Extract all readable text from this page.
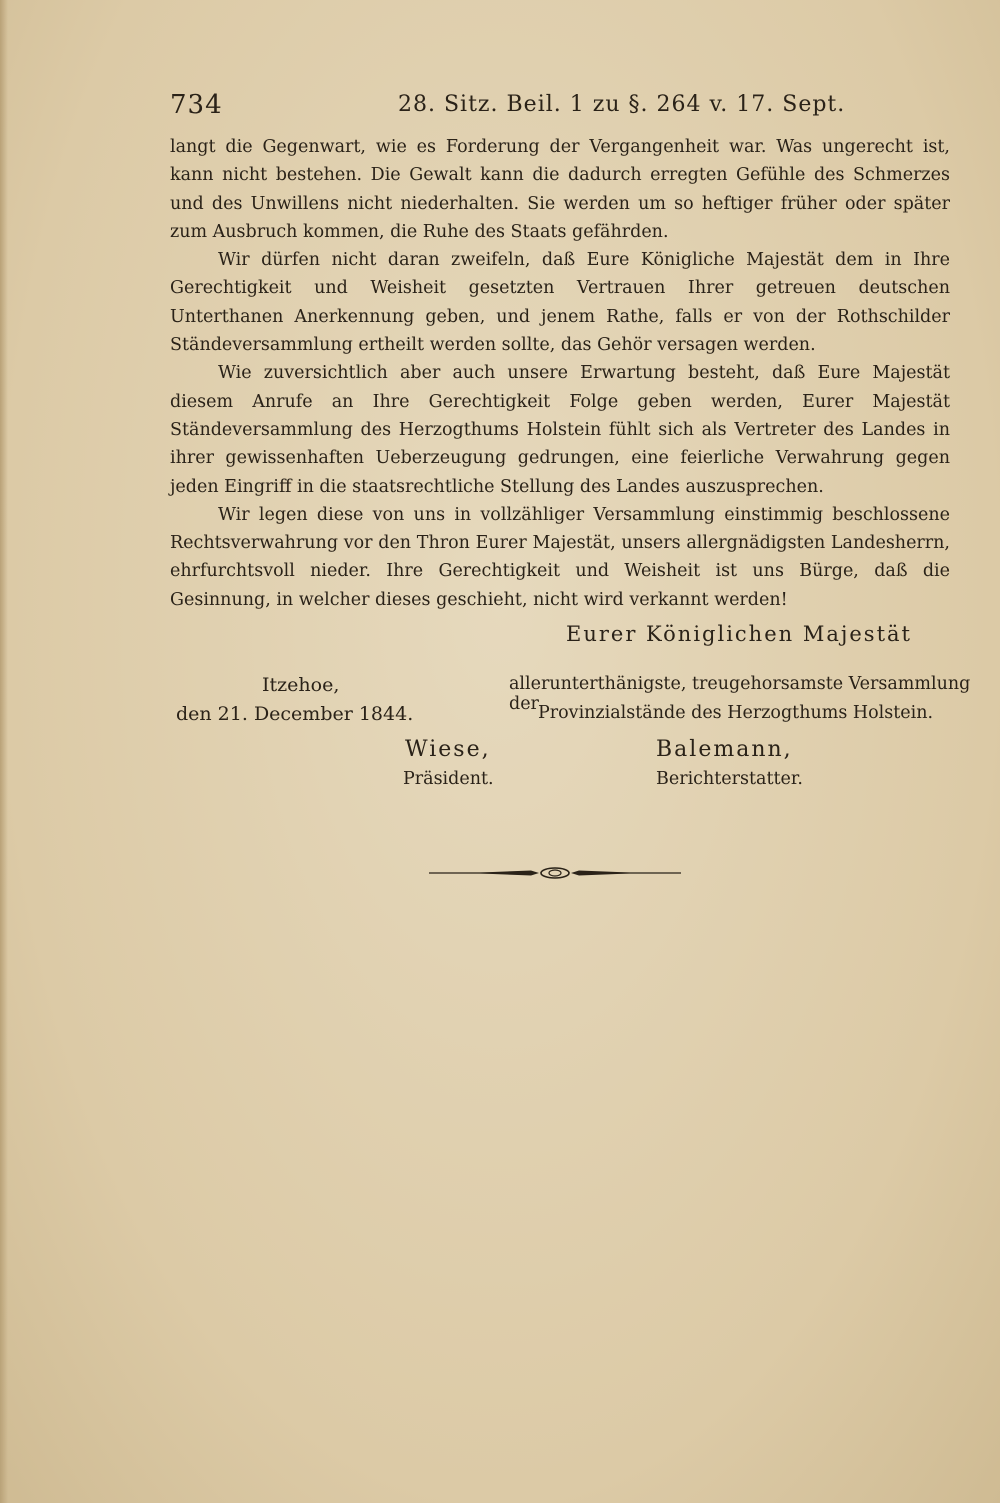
734	28. Sitz. Beil. 1 zu §. 264 v. 17. Sept.

langt die Gegenwart, wie es Forderung der Vergangenheit war. Was ungerecht ist, kann nicht bestehen. Die Gewalt kann die dadurch erregten Gefühle des Schmerzes und des Unwillens nicht niederhalten. Sie werden um so heftiger früher oder später zum Ausbruch kommen, die Ruhe des Staats gefährden.

Wir dürfen nicht daran zweifeln, daß Eure Königliche Majestät dem in Ihre Gerechtigkeit und Weisheit gesetzten Vertrauen Ihrer getreuen deutschen Unterthanen Anerkennung geben, und jenem Rathe, falls er von der Rothschilder Ständeversammlung ertheilt werden sollte, das Gehör versagen werden.

Wie zuversichtlich aber auch unsere Erwartung besteht, daß Eure Majestät diesem Anrufe an Ihre Gerechtigkeit Folge geben werden, Eurer Majestät Ständeversammlung des Herzogthums Holstein fühlt sich als Vertreter des Landes in ihrer gewissenhaften Ueberzeugung gedrungen, eine feierliche Verwahrung gegen jeden Eingriff in die staatsrechtliche Stellung des Landes auszusprechen.

Wir legen diese von uns in vollzähliger Versammlung einstimmig beschlossene Rechtsverwahrung vor den Thron Eurer Majestät, unsers allergnädigsten Landesherrn, ehrfurchtsvoll nieder. Ihre Gerechtigkeit und Weisheit ist uns Bürge, daß die Gesinnung, in welcher dieses geschieht, nicht wird verkannt werden!

Eurer Königlichen Majestät
Itzehoe,
den 21. December 1844.
allerunterthänigste, treugehorsamste Versammlung der Provinzialstände des Herzogthums Holstein.
Wiese,
Präsident.
Balemann,
Berichterstatter.
